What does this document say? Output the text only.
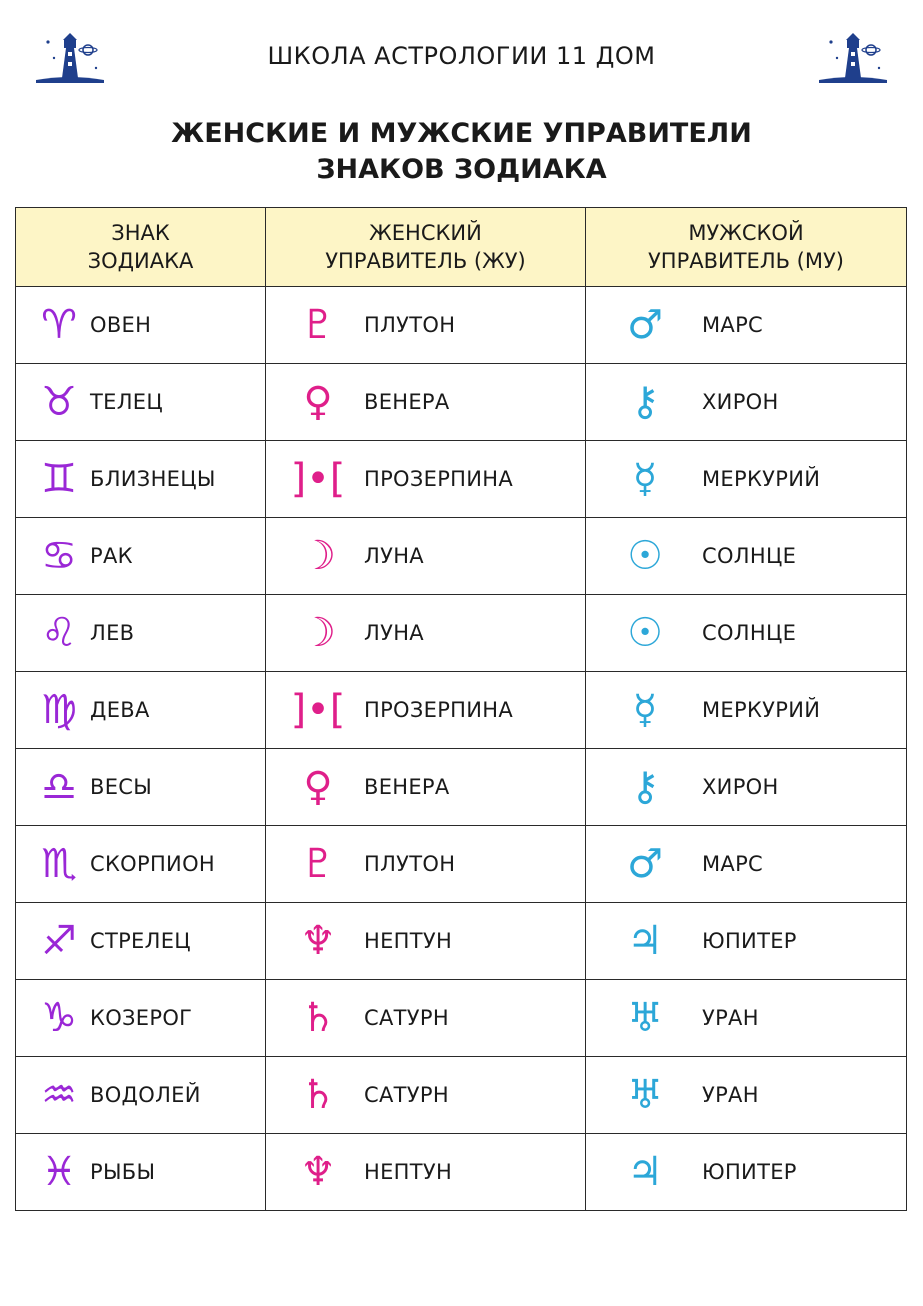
ШКОЛА АСТРОЛОГИИ 11 ДОМ
ЖЕНСКИЕ И МУЖСКИЕ УПРАВИТЕЛИ
ЗНАКОВ ЗОДИАКА
ЗНАК ЗОДИАКА	ЖЕНСКИЙ УПРАВИТЕЛЬ (ЖУ)	МУЖСКОЙ УПРАВИТЕЛЬ (МУ)

♈ ОВЕН	♇ ПЛУТОН	♂ МАРС

♉ ТЕЛЕЦ	♀ ВЕНЕРА	⚷ ХИРОН

♊ БЛИЗНЕЦЫ	]•[ ПРОЗЕРПИНА	☿ МЕРКУРИЙ

♋ РАК	☽ ЛУНА	☉ СОЛНЦЕ

♌ ЛЕВ	☽ ЛУНА	☉ СОЛНЦЕ

♍ ДЕВА	]•[ ПРОЗЕРПИНА	☿ МЕРКУРИЙ

♎ ВЕСЫ	♀ ВЕНЕРА	⚷ ХИРОН

♏ СКОРПИОН	♇ ПЛУТОН	♂ МАРС

♐ СТРЕЛЕЦ	♆ НЕПТУН	♃ ЮПИТЕР

♑ КОЗЕРОГ	♄ САТУРН	♅ УРАН

♒ ВОДОЛЕЙ	♄ САТУРН	♅ УРАН

♓ РЫБЫ	♆ НЕПТУН	♃ ЮПИТЕР
